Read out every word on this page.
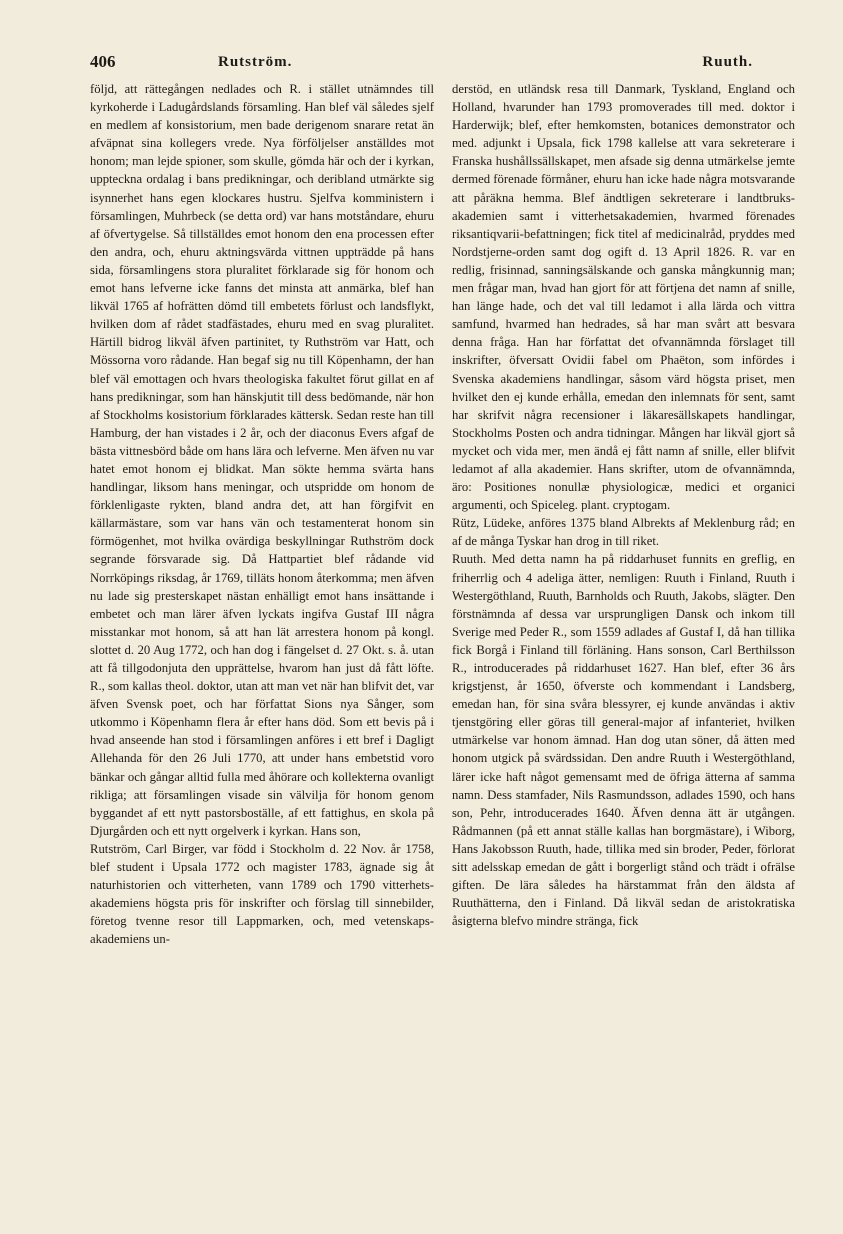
406	Rutström.	Ruuth.

följd, att rättegången nedlades och R. i stället utnämndes till kyrkoherde i Ladugårdslands församling. Han blef väl således sjelf en medlem af konsistorium, men bade derigenom snarare retat än afväpnat sina kollegers vrede. Nya förföljelser anställdes mot honom; man lejde spioner, som skulle, gömda här och der i kyrkan, uppteckna ordalag i bans predikningar, och deribland utmärkte sig isynnerhet hans egen klockares hustru. Sjelfva komministern i församlingen, Muhrbeck (se detta ord) var hans motståndare, ehuru af öfvertygelse. Så tillställdes emot honom den ena processen efter den andra, och, ehuru aktningsvärda vittnen uppträdde på hans sida, församlingens stora pluralitet förklarade sig för honom och emot hans lefverne icke fanns det minsta att anmärka, blef han likväl 1765 af hofrätten dömd till embetets förlust och landsflykt, hvilken dom af rådet stadfästades, ehuru med en svag pluralitet. Härtill bidrog likväl äfven partinitet, ty Ruthström var Hatt, och Mössorna voro rådande. Han begaf sig nu till Köpenhamn, der han blef väl emottagen och hvars theologiska fakultet förut gillat en af hans predikningar, som han hänskjutit till dess bedömande, när hon af Stockholms kosistorium förklarades kättersk. Sedan reste han till Hamburg, der han vistades i 2 år, och der diaconus Evers afgaf de bästa vittnesbörd både om hans lära och lefverne. Men äfven nu var hatet emot honom ej blidkat. Man sökte hemma svärta hans handlingar, liksom hans meningar, och utspridde om honom de förklenligaste rykten, bland andra det, att han förgifvit en källarmästare, som var hans vän och testamenterat honom sin förmögenhet, mot hvilka ovärdiga beskyllningar Ruthström dock segrande försvarade sig. Då Hattpartiet blef rådande vid Norrköpings riksdag, år 1769, tilläts honom återkomma; men äfven nu lade sig presterskapet nästan enhälligt emot hans insättande i embetet och man lärer äfven lyckats ingifva Gustaf III några misstankar mot honom, så att han lät arrestera honom på kongl. slottet d. 20 Aug 1772, och han dog i fängelset d. 27 Okt. s. å. utan att få tillgodonjuta den upprättelse, hvarom han just då fått löfte. R., som kallas theol. doktor, utan att man vet när han blifvit det, var äfven Svensk poet, och har författat Sions nya Sånger, som utkommo i Köpenhamn flera år efter hans död. Som ett bevis på i hvad anseende han stod i församlingen anföres i ett bref i Dagligt Allehanda för den 26 Juli 1770, att under hans embetstid voro bänkar och gångar alltid fulla med åhörare och kollekterna ovanligt rikliga; att församlingen visade sin välvilja för honom genom byggandet af ett nytt pastorsboställe, af ett fattighus, en skola på Djurgården och ett nytt orgelverk i kyrkan. Hans son,

Rutström, Carl Birger, var född i Stockholm d. 22 Nov. år 1758, blef student i Upsala 1772 och magister 1783, ägnade sig åt naturhistorien och vitterheten, vann 1789 och 1790 vitterhets-akademiens högsta pris för inskrifter och förslag till sinnebilder, företog tvenne resor till Lappmarken, och, med vetenskaps-akademiens un-

derstöd, en utländsk resa till Danmark, Tyskland, England och Holland, hvarunder han 1793 promoverades till med. doktor i Harderwijk; blef, efter hemkomsten, botanices demonstrator och med. adjunkt i Upsala, fick 1798 kallelse att vara sekreterare i Franska hushållssällskapet, men afsade sig denna utmärkelse jemte dermed förenade förmåner, ehuru han icke hade några motsvarande att påräkna hemma. Blef ändtligen sekreterare i landtbruks-akademien samt i vitterhetsakademien, hvarmed förenades riksantiqvarii-befattningen; fick titel af medicinalråd, pryddes med Nordstjerne-orden samt dog ogift d. 13 April 1826. R. var en redlig, frisinnad, sanningsälskande och ganska mångkunnig man; men frågar man, hvad han gjort för att förtjena det namn af snille, han länge hade, och det val till ledamot i alla lärda och vittra samfund, hvarmed han hedrades, så har man svårt att besvara denna fråga. Han har författat det ofvannämnda förslaget till inskrifter, öfversatt Ovidii fabel om Phaëton, som infördes i Svenska akademiens handlingar, såsom värd högsta priset, men hvilket den ej kunde erhålla, emedan den inlemnats för sent, samt har skrifvit några recensioner i läkaresällskapets handlingar, Stockholms Posten och andra tidningar. Mången har likväl gjort så mycket och vida mer, men ändå ej fått namn af snille, eller blifvit ledamot af alla akademier. Hans skrifter, utom de ofvannämnda, äro: Positiones nonullæ physiologicæ, medici et organici argumenti, och Spiceleg. plant. cryptogam.

Rütz, Lüdeke, anföres 1375 bland Albrekts af Meklenburg råd; en af de många Tyskar han drog in till riket.

Ruuth. Med detta namn ha på riddarhuset funnits en greflig, en friherrlig och 4 adeliga ätter, nemligen: Ruuth i Finland, Ruuth i Westergöthland, Ruuth, Barnholds och Ruuth, Jakobs, slägter. Den förstnämnda af dessa var ursprungligen Dansk och inkom till Sverige med Peder R., som 1559 adlades af Gustaf I, då han tillika fick Borgå i Finland till förläning. Hans sonson, Carl Berthilsson R., introducerades på riddarhuset 1627. Han blef, efter 36 års krigstjenst, år 1650, öfverste och kommendant i Landsberg, emedan han, för sina svåra blessyrer, ej kunde användas i aktiv tjenstgöring eller göras till general-major af infanteriet, hvilken utmärkelse var honom ämnad. Han dog utan söner, då ätten med honom utgick på svärdssidan. Den andre Ruuth i Westergöthland, lärer icke haft något gemensamt med de öfriga ätterna af samma namn. Dess stamfader, Nils Rasmundsson, adlades 1590, och hans son, Pehr, introducerades 1640. Äfven denna ätt är utgången. Rådmannen (på ett annat ställe kallas han borgmästare), i Wiborg, Hans Jakobsson Ruuth, hade, tillika med sin broder, Peder, förlorat sitt adelsskap emedan de gått i borgerligt stånd och trädt i ofrälse giften. De lära således ha härstammat från den äldsta af Ruuthätterna, den i Finland. Då likväl sedan de aristokratiska åsigterna blefvo mindre stränga, fick
